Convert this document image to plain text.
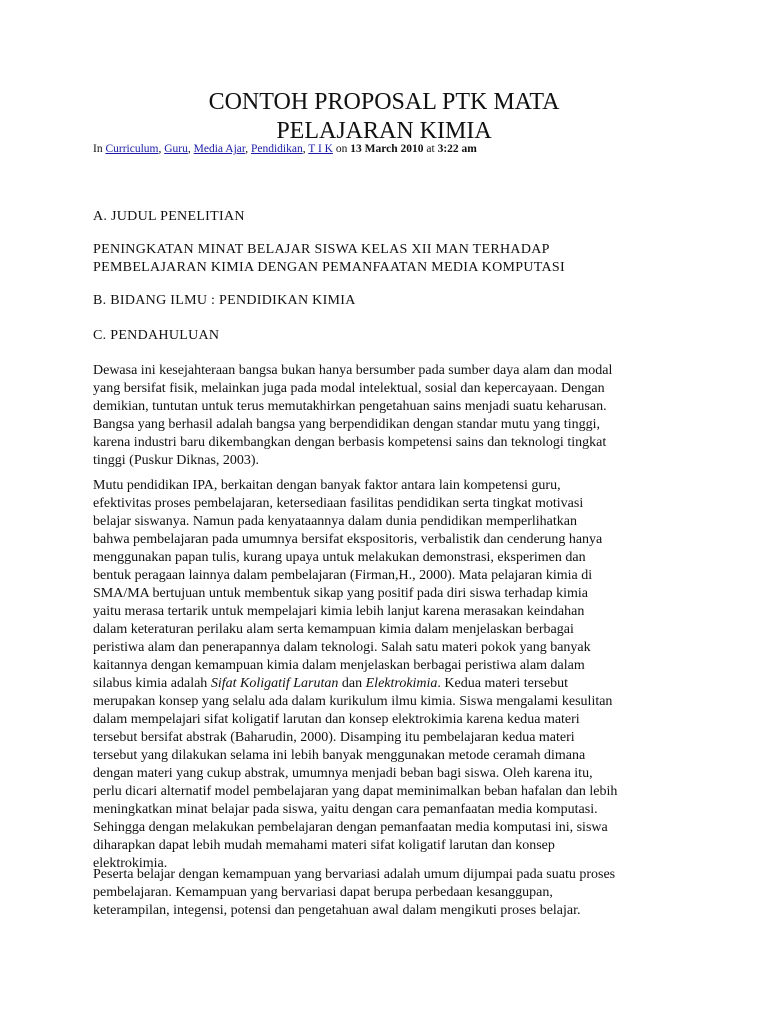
CONTOH PROPOSAL PTK MATA
PELAJARAN KIMIA
In Curriculum, Guru, Media Ajar, Pendidikan, T I K on 13 March 2010 at 3:22 am
A. JUDUL PENELITIAN

PENINGKATAN MINAT BELAJAR SISWA KELAS XII MAN TERHADAP
PEMBELAJARAN KIMIA DENGAN PEMANFAATAN MEDIA KOMPUTASI

B. BIDANG ILMU : PENDIDIKAN KIMIA
C. PENDAHULUAN

Dewasa ini kesejahteraan bangsa bukan hanya bersumber pada sumber daya alam dan modal
yang bersifat fisik, melainkan juga pada modal intelektual, sosial dan kepercayaan. Dengan
demikian, tuntutan untuk terus memutakhirkan pengetahuan sains menjadi suatu keharusan.
Bangsa yang berhasil adalah bangsa yang berpendidikan dengan standar mutu yang tinggi,
karena industri baru dikembangkan dengan berbasis kompetensi sains dan teknologi tingkat
tinggi (Puskur Diknas, 2003).

Mutu pendidikan IPA, berkaitan dengan banyak faktor antara lain kompetensi guru,
efektivitas proses pembelajaran, ketersediaan fasilitas pendidikan serta tingkat motivasi
belajar siswanya. Namun pada kenyataannya dalam dunia pendidikan memperlihatkan
bahwa pembelajaran pada umumnya bersifat ekspositoris, verbalistik dan cenderung hanya
menggunakan papan tulis, kurang upaya untuk melakukan demonstrasi, eksperimen dan
bentuk peragaan lainnya dalam pembelajaran (Firman,H., 2000). Mata pelajaran kimia di
SMA/MA bertujuan untuk membentuk sikap yang positif pada diri siswa terhadap kimia
yaitu merasa tertarik untuk mempelajari kimia lebih lanjut karena merasakan keindahan
dalam keteraturan perilaku alam serta kemampuan kimia dalam menjelaskan berbagai
peristiwa alam dan penerapannya dalam teknologi. Salah satu materi pokok yang banyak
kaitannya dengan kemampuan kimia dalam menjelaskan berbagai peristiwa alam dalam
silabus kimia adalah Sifat Koligatif Larutan dan Elektrokimia. Kedua materi tersebut
merupakan konsep yang selalu ada dalam kurikulum ilmu kimia. Siswa mengalami kesulitan
dalam mempelajari sifat koligatif larutan dan konsep elektrokimia karena kedua materi
tersebut bersifat abstrak (Baharudin, 2000). Disamping itu pembelajaran kedua materi
tersebut yang dilakukan selama ini lebih banyak menggunakan metode ceramah dimana
dengan materi yang cukup abstrak, umumnya menjadi beban bagi siswa. Oleh karena itu,
perlu dicari alternatif model pembelajaran yang dapat meminimalkan beban hafalan dan lebih
meningkatkan minat belajar pada siswa, yaitu dengan cara pemanfaatan media komputasi.
Sehingga dengan melakukan pembelajaran dengan pemanfaatan media komputasi ini, siswa
diharapkan dapat lebih mudah memahami materi sifat koligatif larutan dan konsep
elektrokimia.

Peserta belajar dengan kemampuan yang bervariasi adalah umum dijumpai pada suatu proses
pembelajaran. Kemampuan yang bervariasi dapat berupa perbedaan kesanggupan,
keterampilan, integensi, potensi dan pengetahuan awal dalam mengikuti proses belajar.
